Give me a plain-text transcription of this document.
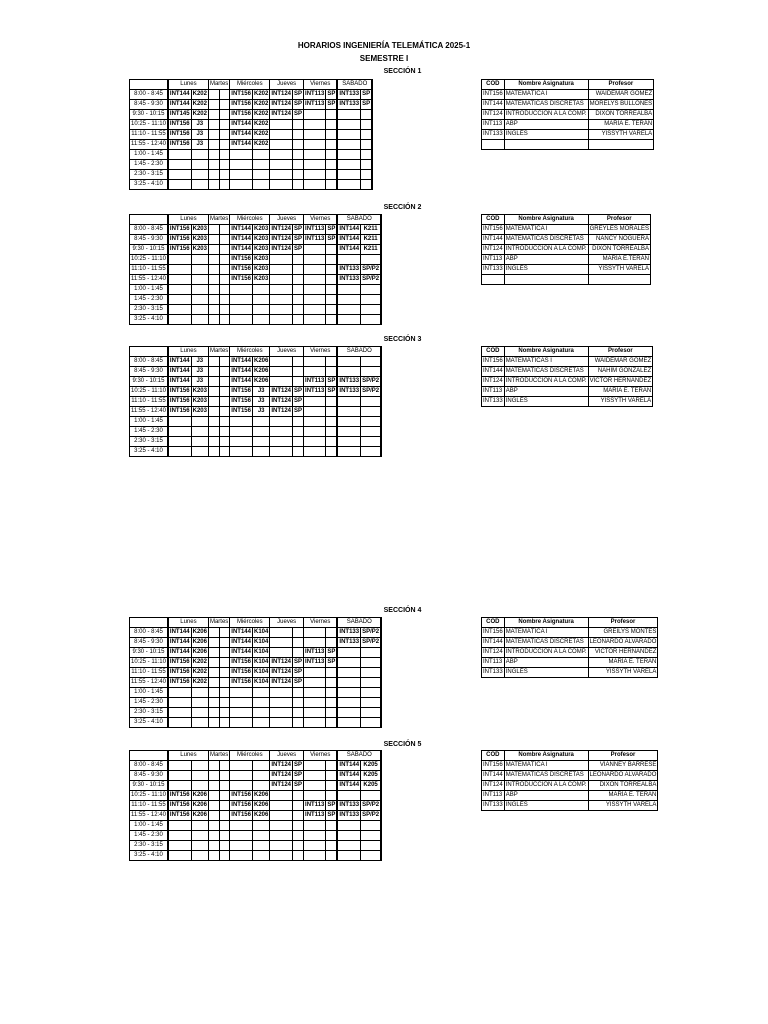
HORARIOS INGENIERÍA TELEMÁTICA 2025-1
SEMESTRE I
SECCIÓN 1
	Lunes		Martes		Miércoles		Jueves		Viernes		SABADO	
8:00 - 8:45	INT144	K202			INT156	K202	INT124	SP	INT113	SP	INT133	SP
8:45 - 9:30	INT144	K202			INT156	K202	INT124	SP	INT113	SP	INT133	SP
9:30 - 10:15	INT145	K202			INT156	K202	INT124	SP				
10:25 - 11:10	INT156	J3			INT144	K202						
11:10 - 11:55	INT156	J3			INT144	K202						
11:55 - 12:40	INT156	J3			INT144	K202						
1:00 - 1:45												
1:45 - 2:30												
2:30 - 3:15												
3:25 - 4:10												
COD	Nombre Asignatura	Profesor
INT156	MATEMÁTICA I	WAIDEMAR GOMEZ
INT144	MATEMATICAS DISCRETAS	MORELYS BULLONES
INT124	INTRODUCCION A LA COMP.	DIXON TORREALBA
INT113	ABP	MARÍA E. TERÁN
INT133	INGLÉS	YISSYTH VARELA

SECCIÓN 2
	Lunes		Martes		Miércoles		Jueves		Viernes		SABADO	
8:00 - 8:45	INT156	K203			INT144	K203	INT124	SP	INT113	SP	INT144	K211
8:45 - 9:30	INT156	K203			INT144	K203	INT124	SP	INT113	SP	INT144	K211
9:30 - 10:15	INT156	K203			INT144	K203	INT124	SP			INT144	K211
10:25 - 11:10					INT156	K203						
11:10 - 11:55					INT156	K203					INT133	SP/P2
11:55 - 12:40					INT156	K203					INT133	SP/P2
1:00 - 1:45												
1:45 - 2:30												
2:30 - 3:15												
3:25 - 4:10												
COD	Nombre Asignatura	Profesor
INT156	MATEMÁTICA I	GREYLES MORALES
INT144	MATEMATICAS DISCRETAS	NANCY NOGUERA
INT124	INTRODUCCION A LA COMP.	DIXON TORREALBA
INT113	ABP	MARÍA E.TERÁN
INT133	INGLÉS	YISSYTH VARELA

SECCIÓN 3
	Lunes		Martes		Miércoles		Jueves		Viernes		SABADO	
8:00 - 8:45	INT144	J3			INT144	K206						
8:45 - 9:30	INT144	J3			INT144	K206						
9:30 - 10:15	INT144	J3			INT144	K206			INT113	SP	INT133	SP/P2
10:25 - 11:10	INT156	K203			INT156	J3	INT124	SP	INT113	SP	INT133	SP/P2
11:10 - 11:55	INT156	K203			INT156	J3	INT124	SP				
11:55 - 12:40	INT156	K203			INT156	J3	INT124	SP				
1:00 - 1:45												
1:45 - 2:30												
2:30 - 3:15												
3:25 - 4:10												
COD	Nombre Asignatura	Profesor
INT156	MATEMÁTICAS I	WAIDEMAR GOMEZ
INT144	MATEMATICAS DISCRETAS	NAHIM GONZALEZ
INT124	INTRODUCCION A LA COMP.	VICTOR HERNANDEZ
INT113	ABP	MARÍA E. TERAN
INT133	INGLÉS	YISSYTH VARELA
SECCIÓN 4
	Lunes		Martes		Miércoles		Jueves		Viernes		SABADO	
8:00 - 8:45	INT144	K206			INT144	K104					INT133	SP/P2
8:45 - 9:30	INT144	K206			INT144	K104					INT133	SP/P2
9:30 - 10:15	INT144	K206			INT144	K104			INT113	SP		
10:25 - 11:10	INT156	K202			INT156	K104	INT124	SP	INT113	SP		
11:10 - 11:55	INT156	K202			INT156	K104	INT124	SP				
11:55 - 12:40	INT156	K202			INT156	K104	INT124	SP				
1:00 - 1:45												
1:45 - 2:30												
2:30 - 3:15												
3:25 - 4:10												
COD	Nombre Asignatura	Profesor
INT156	MATEMÁTICA I	GREILYS MONTES
INT144	MATEMATICAS DISCRETAS	LEONARDO ALVARADO
INT124	INTRODUCCION A LA COMP.	VICTOR HERNANDEZ
INT113	ABP	MARÍA E. TERAN
INT133	INGLÉS	YISSYTH VARELA
SECCIÓN 5
	Lunes		Martes		Miércoles		Jueves		Viernes		SABADO	
8:00 - 8:45							INT124	SP			INT144	K205
8:45 - 9:30							INT124	SP			INT144	K205
9:30 - 10:15							INT124	SP			INT144	K205
10:25 - 11:10	INT156	K206			INT156	K206						
11:10 - 11:55	INT156	K206			INT156	K206			INT113	SP	INT133	SP/P2
11:55 - 12:40	INT156	K206			INT156	K206			INT113	SP	INT133	SP/P2
1:00 - 1:45												
1:45 - 2:30												
2:30 - 3:15												
3:25 - 4:10												
COD	Nombre Asignatura	Profesor
INT156	MATEMÁTICA I	VIANNEY BARRESE
INT144	MATEMATICAS DISCRETAS	LEONARDO ALVARADO
INT124	INTRODUCCION A LA COMP.	DIXON TORREALBA
INT113	ABP	MARÍA E. TERAN
INT133	INGLÉS	YISSYTH VARELA
